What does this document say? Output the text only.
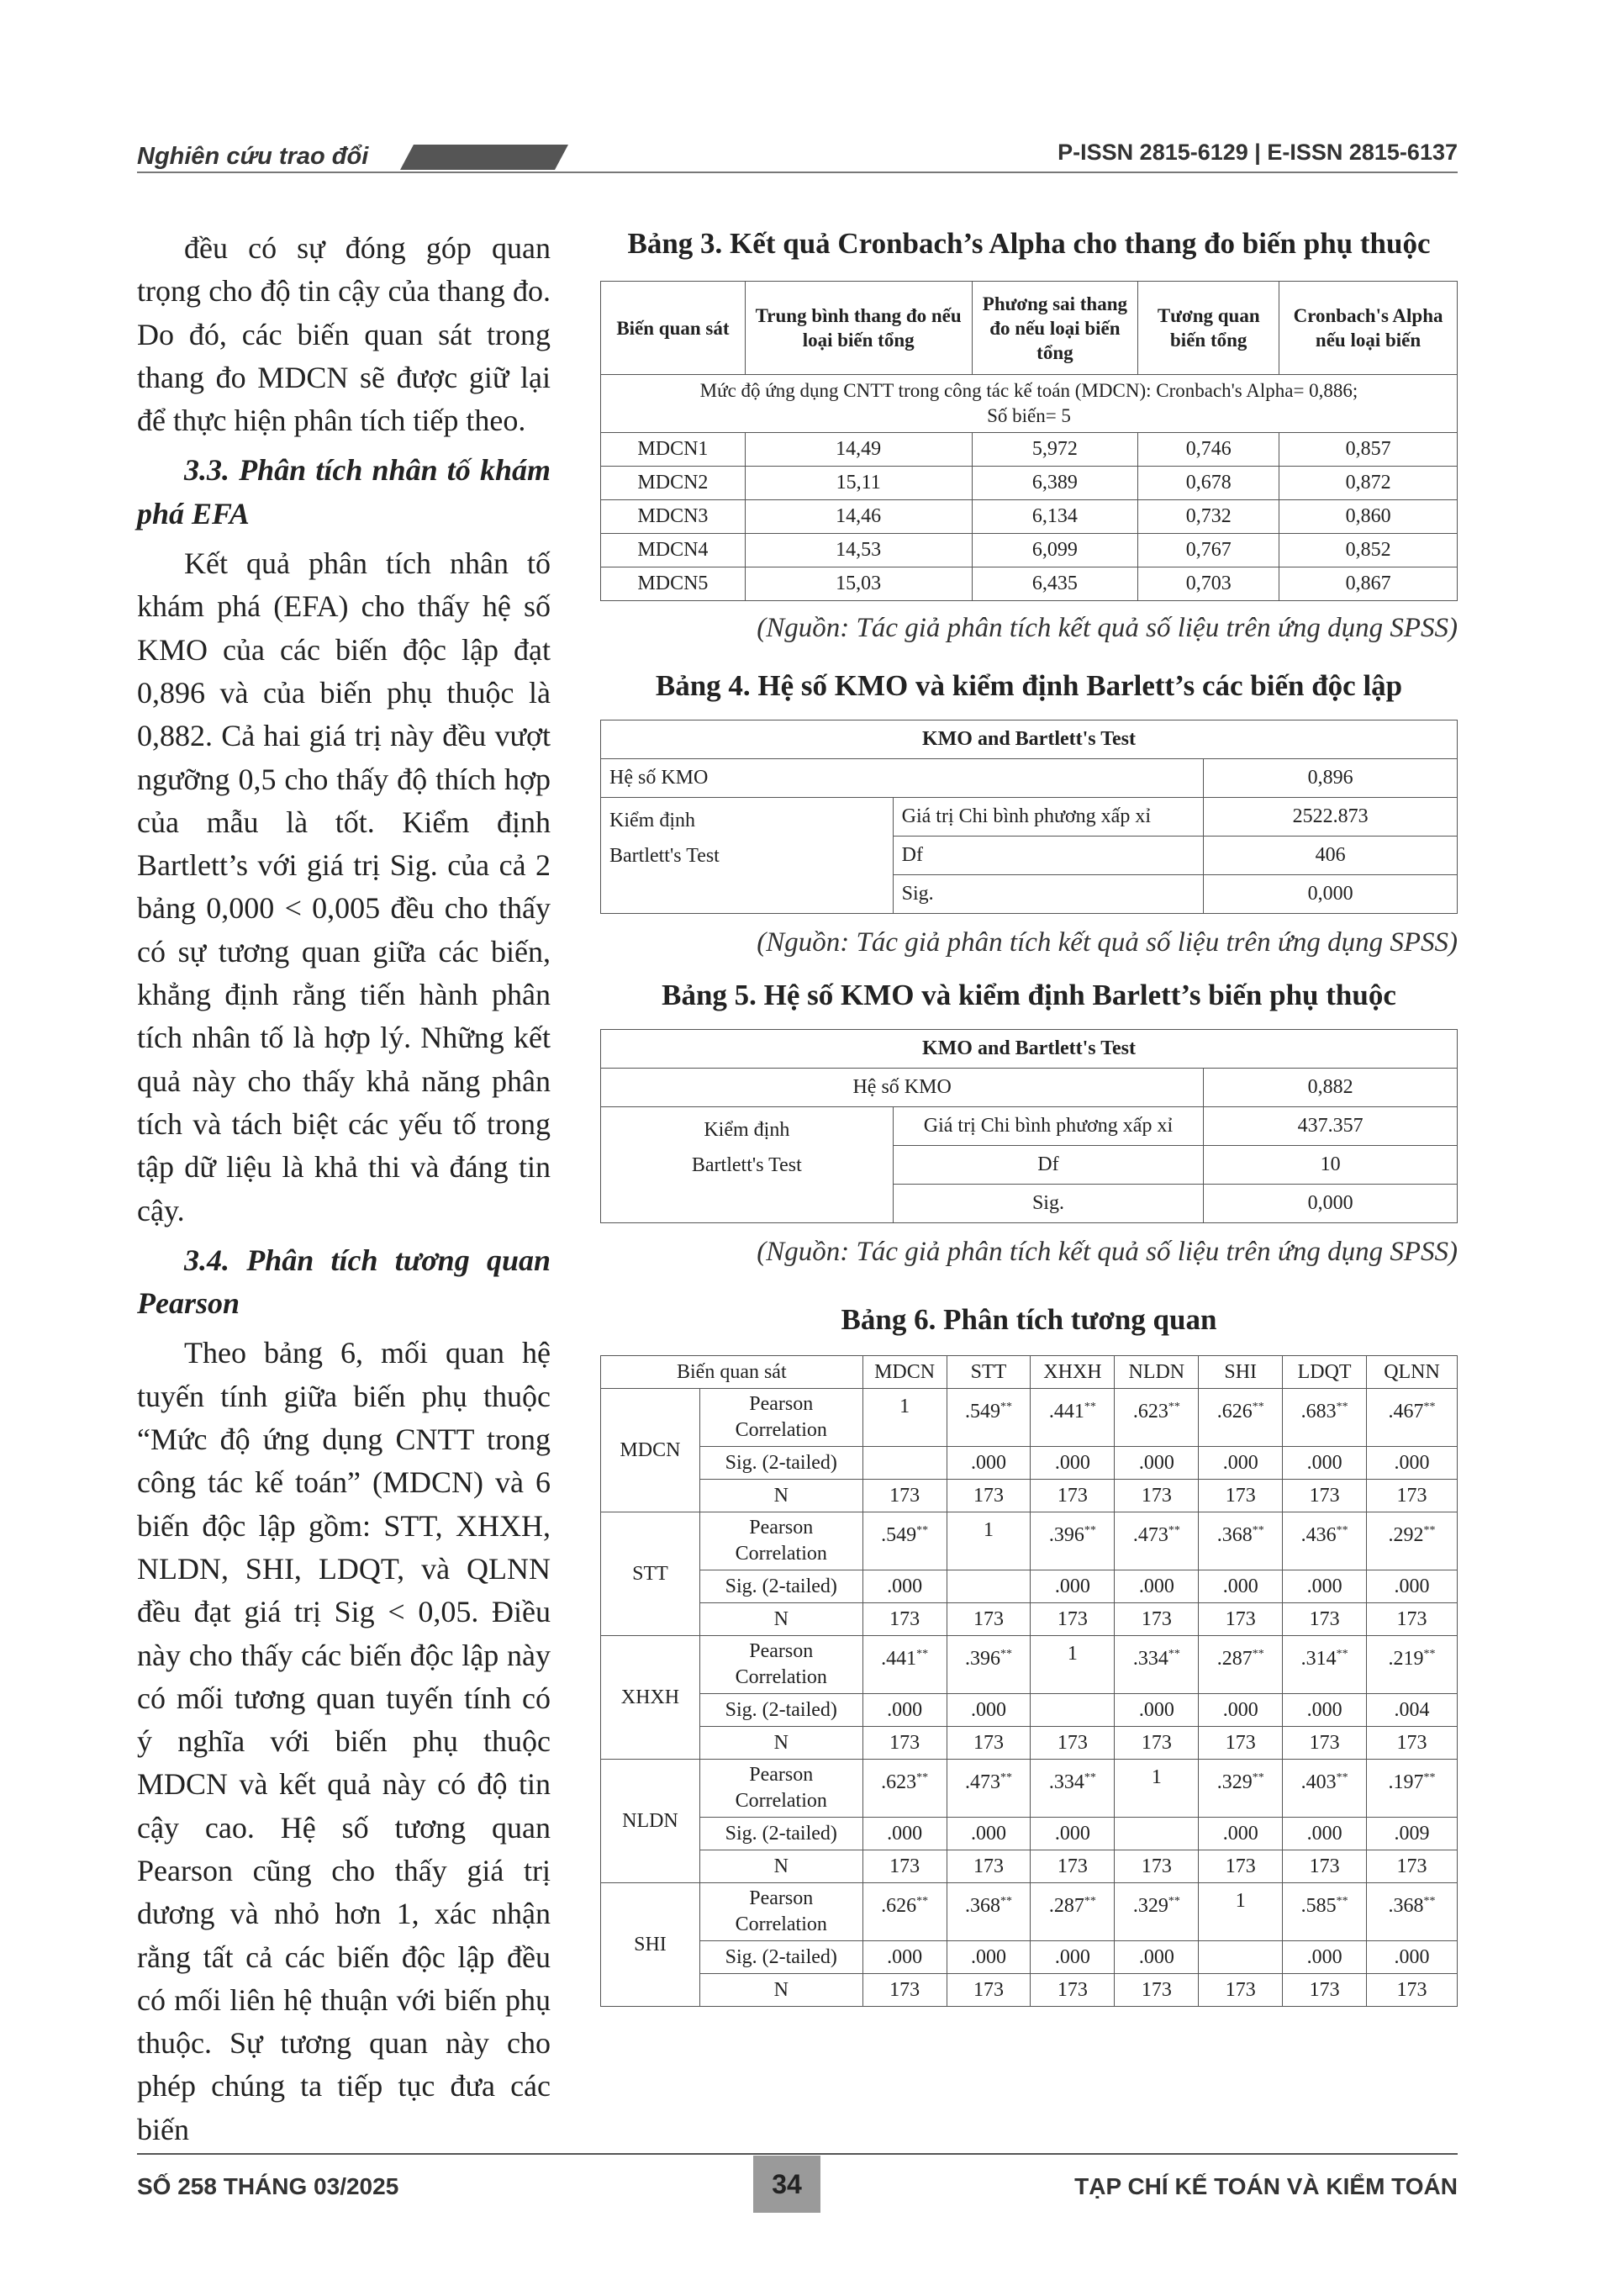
Nghiên cứu trao đổi	P-ISSN 2815-6129 | E-ISSN 2815-6137

đều có sự đóng góp quan trọng cho độ tin cậy của thang đo. Do đó, các biến quan sát trong thang đo MDCN sẽ được giữ lại để thực hiện phân tích tiếp theo.

3.3. Phân tích nhân tố khám phá EFA

Kết quả phân tích nhân tố khám phá (EFA) cho thấy hệ số KMO của các biến độc lập đạt 0,896 và của biến phụ thuộc là 0,882. Cả hai giá trị này đều vượt ngưỡng 0,5 cho thấy độ thích hợp của mẫu là tốt. Kiểm định Bartlett’s với giá trị Sig. của cả 2 bảng 0,000 < 0,005 đều cho thấy có sự tương quan giữa các biến, khẳng định rằng tiến hành phân tích nhân tố là hợp lý. Những kết quả này cho thấy khả năng phân tích và tách biệt các yếu tố trong tập dữ liệu là khả thi và đáng tin cậy.

3.4. Phân tích tương quan Pearson

Theo bảng 6, mối quan hệ tuyến tính giữa biến phụ thuộc “Mức độ ứng dụng CNTT trong công tác kế toán” (MDCN) và 6 biến độc lập gồm: STT, XHXH, NLDN, SHI, LDQT, và QLNN đều đạt giá trị Sig < 0,05. Điều này cho thấy các biến độc lập này có mối tương quan tuyến tính có ý nghĩa với biến phụ thuộc MDCN và kết quả này có độ tin cậy cao. Hệ số tương quan Pearson cũng cho thấy giá trị dương và nhỏ hơn 1, xác nhận rằng tất cả các biến độc lập đều có mối liên hệ thuận với biến phụ thuộc. Sự tương quan này cho phép chúng ta tiếp tục đưa các biến

Bảng 3. Kết quả Cronbach’s Alpha cho thang đo biến phụ thuộc
Biến quan sát	Trung bình thang đo nếu loại biến tổng	Phương sai thang đo nếu loại biến tổng	Tương quan biến tổng	Cronbach's Alpha nếu loại biến
Mức độ ứng dụng CNTT trong công tác kế toán (MDCN): Cronbach's Alpha= 0,886;
Số biến= 5				
MDCN1	14,49	5,972	0,746	0,857
MDCN2	15,11	6,389	0,678	0,872
MDCN3	14,46	6,134	0,732	0,860
MDCN4	14,53	6,099	0,767	0,852
MDCN5	15,03	6,435	0,703	0,867
(Nguồn: Tác giả phân tích kết quả số liệu trên ứng dụng SPSS)
Bảng 4. Hệ số KMO và kiểm định Barlett’s các biến độc lập
KMO and Bartlett's Test		
Hệ số KMO		0,896
Kiểm định
Bartlett's Test	Giá trị Chi bình phương xấp xỉ	2522.873
	Df	406
	Sig.	0,000
(Nguồn: Tác giả phân tích kết quả số liệu trên ứng dụng SPSS)
Bảng 5. Hệ số KMO và kiểm định Barlett’s biến phụ thuộc
KMO and Bartlett's Test		
Hệ số KMO		0,882
Kiểm định
Bartlett's Test	Giá trị Chi bình phương xấp xỉ	437.357
	Df	10
	Sig.	0,000
(Nguồn: Tác giả phân tích kết quả số liệu trên ứng dụng SPSS)
Bảng 6. Phân tích tương quan
Biến quan sát		MDCN	STT	XHXH	NLDN	SHI	LDQT	QLNN
MDCN	Pearson Correlation	1	.549**	.441**	.623**	.626**	.683**	.467**
	Sig. (2-tailed)		.000	.000	.000	.000	.000	.000
	N	173	173	173	173	173	173	173
STT	Pearson Correlation	.549**	1	.396**	.473**	.368**	.436**	.292**
	Sig. (2-tailed)	.000		.000	.000	.000	.000	.000
	N	173	173	173	173	173	173	173
XHXH	Pearson Correlation	.441**	.396**	1	.334**	.287**	.314**	.219**
	Sig. (2-tailed)	.000	.000		.000	.000	.000	.004
	N	173	173	173	173	173	173	173
NLDN	Pearson Correlation	.623**	.473**	.334**	1	.329**	.403**	.197**
	Sig. (2-tailed)	.000	.000	.000		.000	.000	.009
	N	173	173	173	173	173	173	173
SHI	Pearson Correlation	.626**	.368**	.287**	.329**	1	.585**	.368**
	Sig. (2-tailed)	.000	.000	.000	.000		.000	.000
	N	173	173	173	173	173	173	173
SỐ 258 THÁNG 03/2025	34	TẠP CHÍ KẾ TOÁN VÀ KIỂM TOÁN
